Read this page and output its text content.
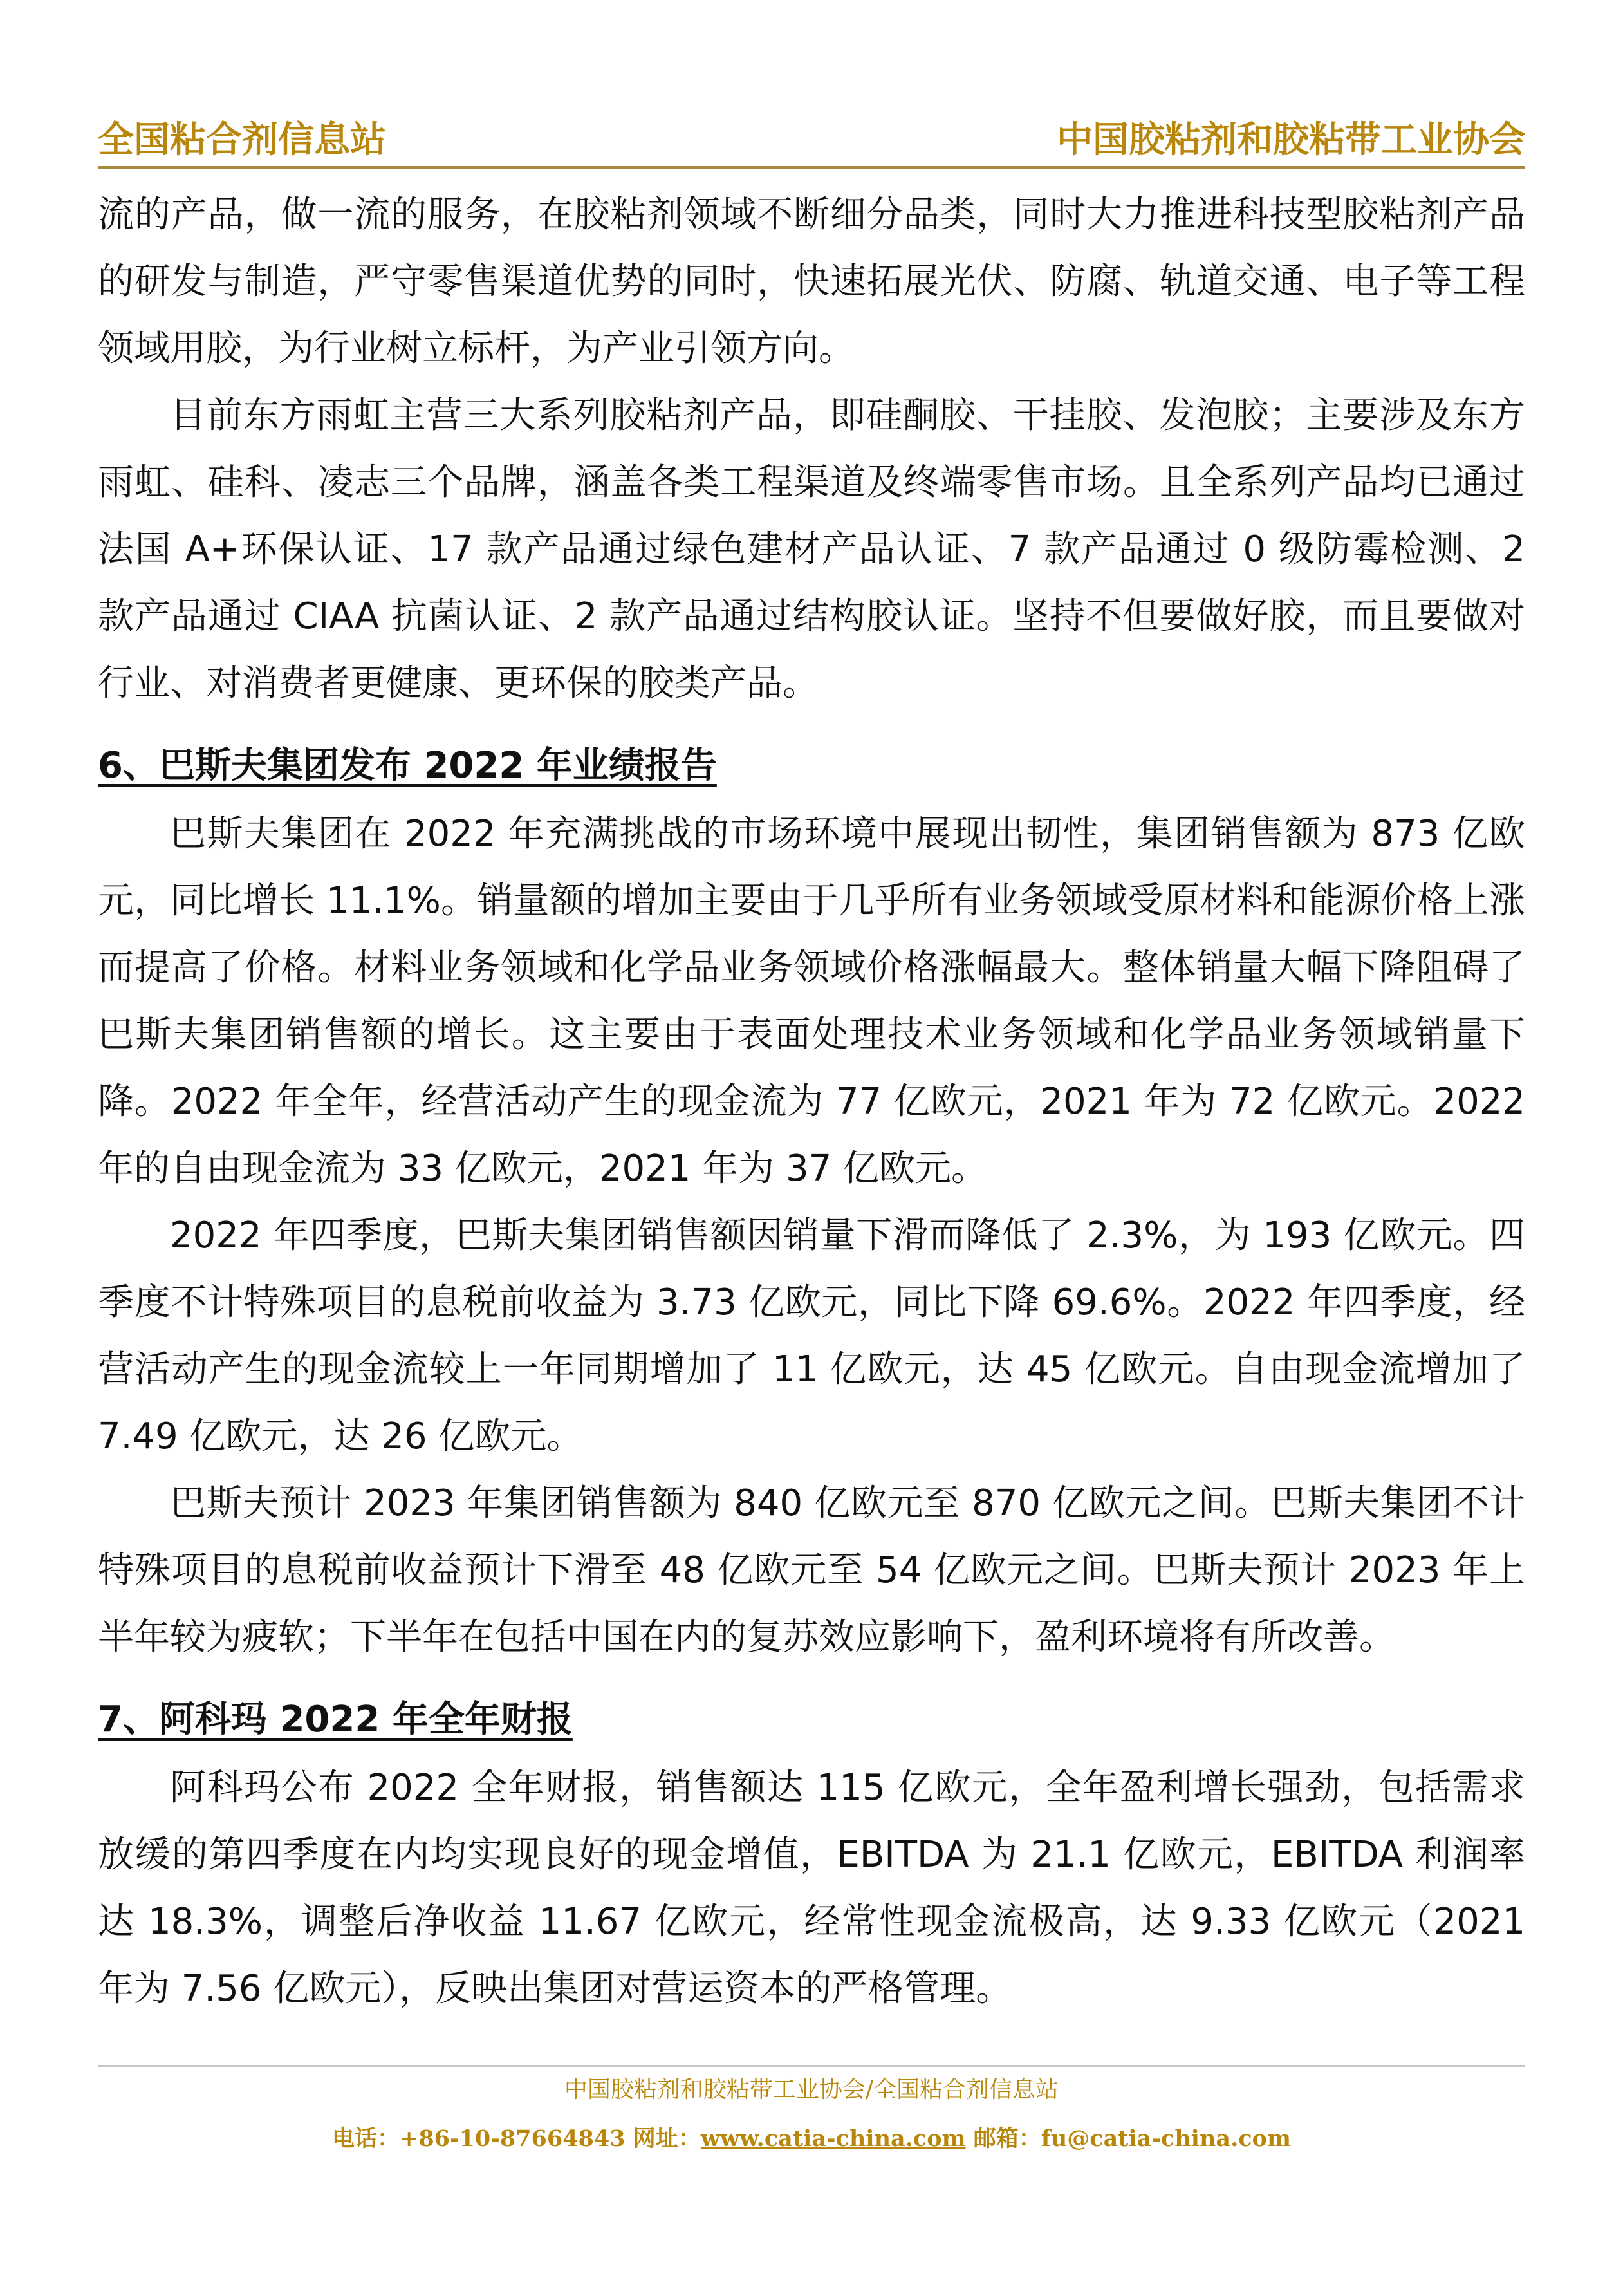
全国粘合剂信息站	中国胶粘剂和胶粘带工业协会

流的产品，做一流的服务，在胶粘剂领域不断细分品类，同时大力推进科技型胶粘剂产品的研发与制造，严守零售渠道优势的同时，快速拓展光伏、防腐、轨道交通、电子等工程领域用胶，为行业树立标杆，为产业引领方向。

目前东方雨虹主营三大系列胶粘剂产品，即硅酮胶、干挂胶、发泡胶；主要涉及东方雨虹、硅科、凌志三个品牌，涵盖各类工程渠道及终端零售市场。且全系列产品均已通过法国 A+环保认证、17 款产品通过绿色建材产品认证、7 款产品通过 0 级防霉检测、2 款产品通过 CIAA 抗菌认证、2 款产品通过结构胶认证。坚持不但要做好胶，而且要做对行业、对消费者更健康、更环保的胶类产品。

6、巴斯夫集团发布 2022 年业绩报告

巴斯夫集团在 2022 年充满挑战的市场环境中展现出韧性，集团销售额为 873 亿欧元，同比增长 11.1%。销量额的增加主要由于几乎所有业务领域受原材料和能源价格上涨而提高了价格。材料业务领域和化学品业务领域价格涨幅最大。整体销量大幅下降阻碍了巴斯夫集团销售额的增长。这主要由于表面处理技术业务领域和化学品业务领域销量下降。2022 年全年，经营活动产生的现金流为 77 亿欧元，2021 年为 72 亿欧元。2022 年的自由现金流为 33 亿欧元，2021 年为 37 亿欧元。

2022 年四季度，巴斯夫集团销售额因销量下滑而降低了 2.3%，为 193 亿欧元。四季度不计特殊项目的息税前收益为 3.73 亿欧元，同比下降 69.6%。2022 年四季度，经营活动产生的现金流较上一年同期增加了 11 亿欧元，达 45 亿欧元。自由现金流增加了 7.49 亿欧元，达 26 亿欧元。

巴斯夫预计 2023 年集团销售额为 840 亿欧元至 870 亿欧元之间。巴斯夫集团不计特殊项目的息税前收益预计下滑至 48 亿欧元至 54 亿欧元之间。巴斯夫预计 2023 年上半年较为疲软；下半年在包括中国在内的复苏效应影响下，盈利环境将有所改善。

7、阿科玛 2022 年全年财报

阿科玛公布 2022 全年财报，销售额达 115 亿欧元，全年盈利增长强劲，包括需求放缓的第四季度在内均实现良好的现金增值，EBITDA 为 21.1 亿欧元，EBITDA 利润率达 18.3%，调整后净收益 11.67 亿欧元，经常性现金流极高，达 9.33 亿欧元（2021 年为 7.56 亿欧元），反映出集团对营运资本的严格管理。

中国胶粘剂和胶粘带工业协会/全国粘合剂信息站
电话：+86-10-87664843 网址：www.catia-china.com 邮箱：fu@catia-china.com
